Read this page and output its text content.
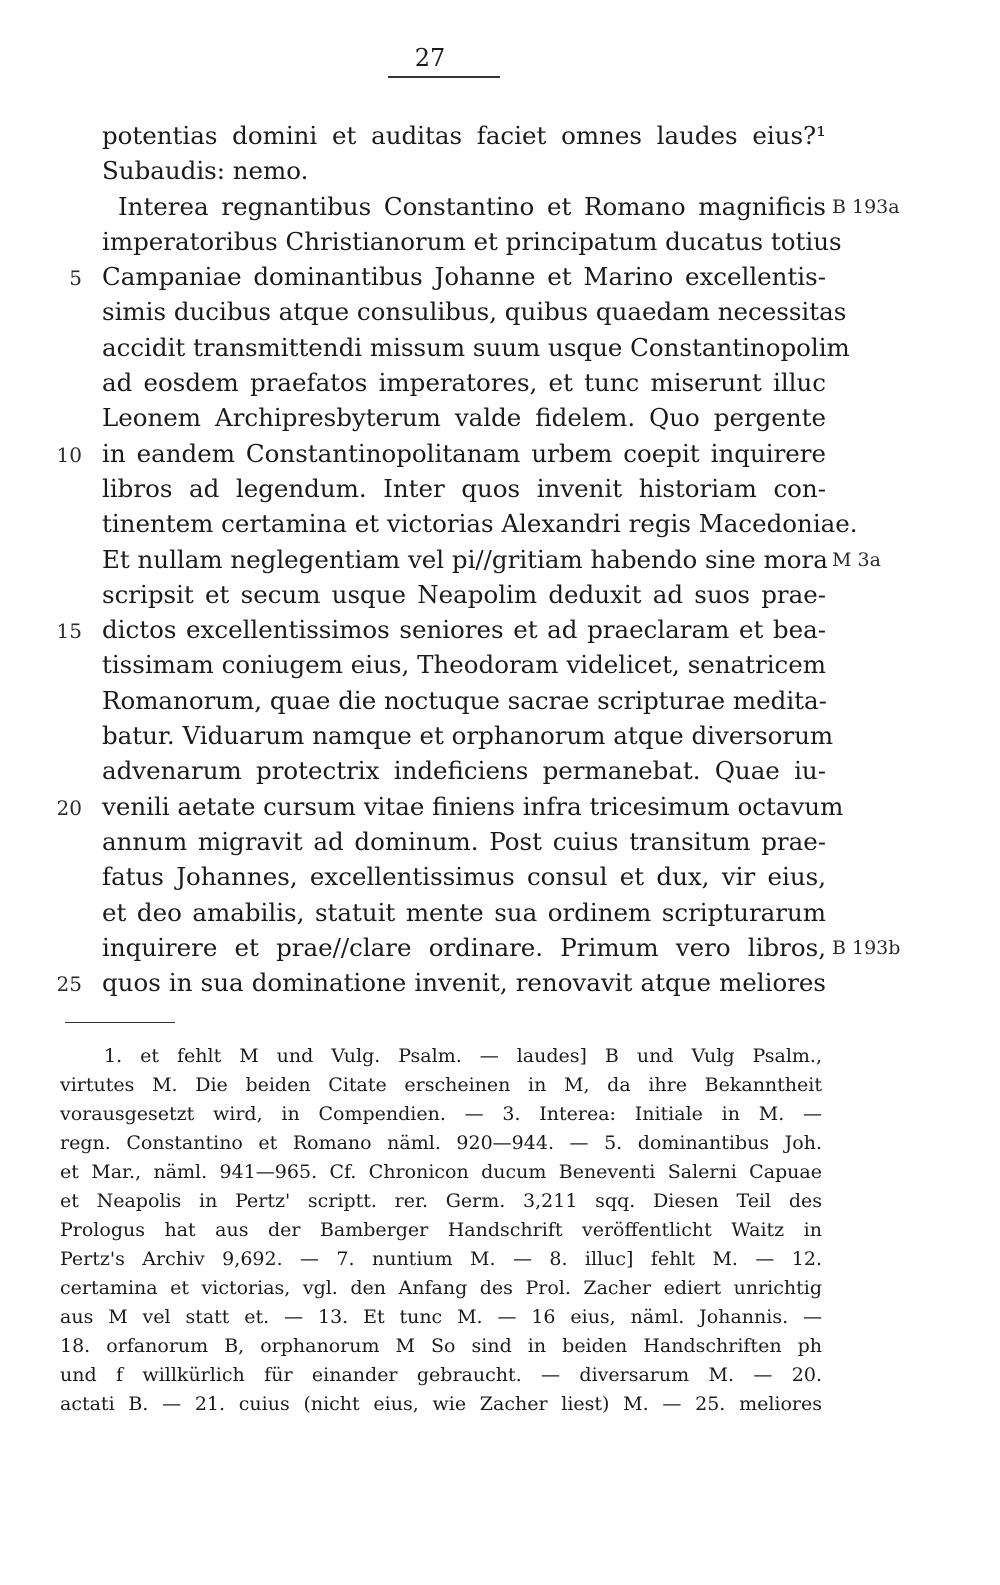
27
potentias domini et auditas faciet omnes laudes eius?¹
Subaudis: nemo.
Interea regnantibus Constantino et Romano magnificis
imperatoribus Christianorum et principatum ducatus totius
Campaniae dominantibus Johanne et Marino excellentis-
simis ducibus atque consulibus, quibus quaedam necessitas
accidit transmittendi missum suum usque Constantinopolim
ad eosdem praefatos imperatores, et tunc miserunt illuc
Leonem Archipresbyterum valde fidelem. Quo pergente
in eandem Constantinopolitanam urbem coepit inquirere
libros ad legendum. Inter quos invenit historiam con-
tinentem certamina et victorias Alexandri regis Macedoniae.
Et nullam neglegentiam vel pi//gritiam habendo sine mora
scripsit et secum usque Neapolim deduxit ad suos prae-
dictos excellentissimos seniores et ad praeclaram et bea-
tissimam coniugem eius, Theodoram videlicet, senatricem
Romanorum, quae die noctuque sacrae scripturae medita-
batur. Viduarum namque et orphanorum atque diversorum
advenarum protectrix indeficiens permanebat. Quae iu-
venili aetate cursum vitae finiens infra tricesimum octavum
annum migravit ad dominum. Post cuius transitum prae-
fatus Johannes, excellentissimus consul et dux, vir eius,
et deo amabilis, statuit mente sua ordinem scripturarum
inquirere et prae//clare ordinare. Primum vero libros,
quos in sua dominatione invenit, renovavit atque meliores
5
10
15
20
25
B 193a
M 3a
B 193b
1. et fehlt M und Vulg. Psalm. — laudes] B und Vulg Psalm.,
virtutes M. Die beiden Citate erscheinen in M, da ihre Bekanntheit
vorausgesetzt wird, in Compendien. — 3. Interea: Initiale in M. —
regn. Constantino et Romano näml. 920—944. — 5. dominantibus Joh.
et Mar., näml. 941—965. Cf. Chronicon ducum Beneventi Salerni Capuae
et Neapolis in Pertz' scriptt. rer. Germ. 3,211 sqq. Diesen Teil des
Prologus hat aus der Bamberger Handschrift veröffentlicht Waitz in
Pertz's Archiv 9,692. — 7. nuntium M. — 8. illuc] fehlt M. — 12.
certamina et victorias, vgl. den Anfang des Prol. Zacher ediert unrichtig
aus M vel statt et. — 13. Et tunc M. — 16 eius, näml. Johannis. —
18. orfanorum B, orphanorum M So sind in beiden Handschriften ph
und f willkürlich für einander gebraucht. — diversarum M. — 20.
actati B. — 21. cuius (nicht eius, wie Zacher liest) M. — 25. meliores
